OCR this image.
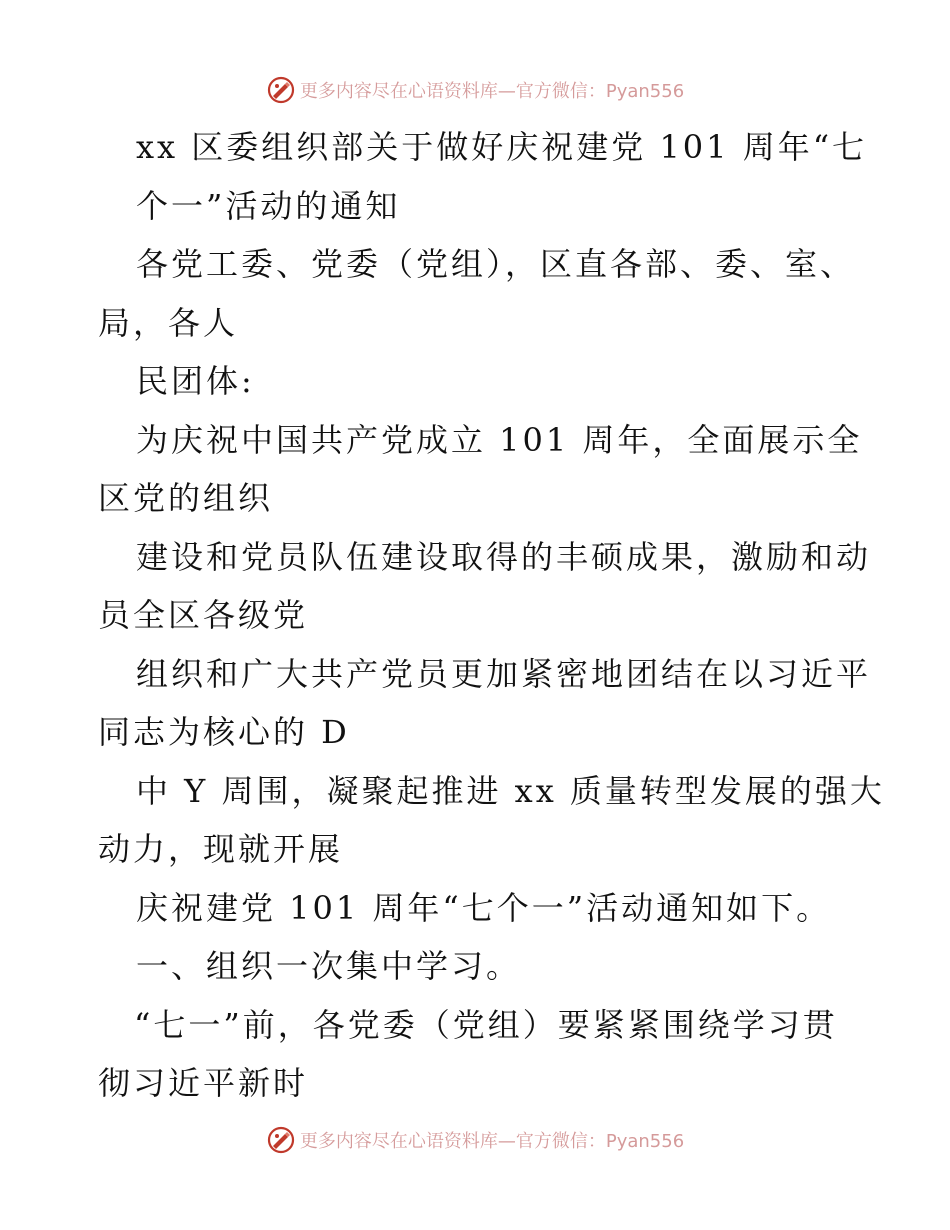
更多内容尽在心语资料库—官方微信：Pyan556
xx 区委组织部关于做好庆祝建党 101 周年“七
个一”活动的通知
各党工委、党委（党组），区直各部、委、室、
局，各人
民团体:
为庆祝中国共产党成立 101 周年，全面展示全
区党的组织
建设和党员队伍建设取得的丰硕成果，激励和动
员全区各级党
组织和广大共产党员更加紧密地团结在以习近平
同志为核心的 D
中 Y 周围，凝聚起推进 xx 质量转型发展的强大
动力，现就开展
庆祝建党 101 周年“七个一”活动通知如下。
一、组织一次集中学习。
“七一”前，各党委（党组）要紧紧围绕学习贯
彻习近平新时
更多内容尽在心语资料库—官方微信：Pyan556
